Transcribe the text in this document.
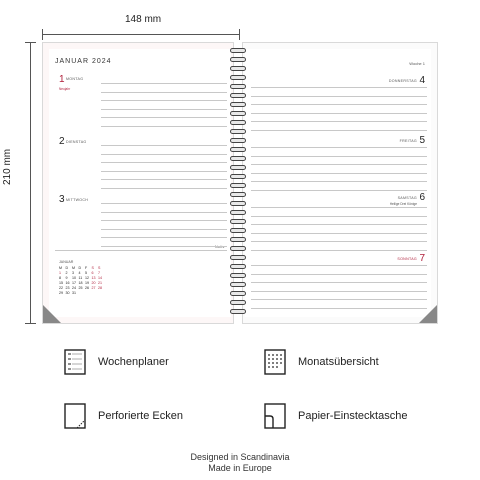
148 mm
210 mm
JANUAR 2024
1 MONTAG
Neujahr
2 DIENSTAG
3 MITTWOCH
Notiz
JANUAR
M D	M D	F	S	S
1	2	3	4	5	6	7
8	9	10 11 12 13 14
15 16 17 18 19 20 21
22 23 24 25 26 27 28
29 30 31
Woche 1
DONNERSTAG 4
FREITAG 5
SAMSTAG 6
Heilige Drei Könige
SONNTAG 7
Wochenplaner	Monatsübersicht
Perforierte Ecken	Papier-Einstecktasche
Designed in Scandinavia
Made in Europe
